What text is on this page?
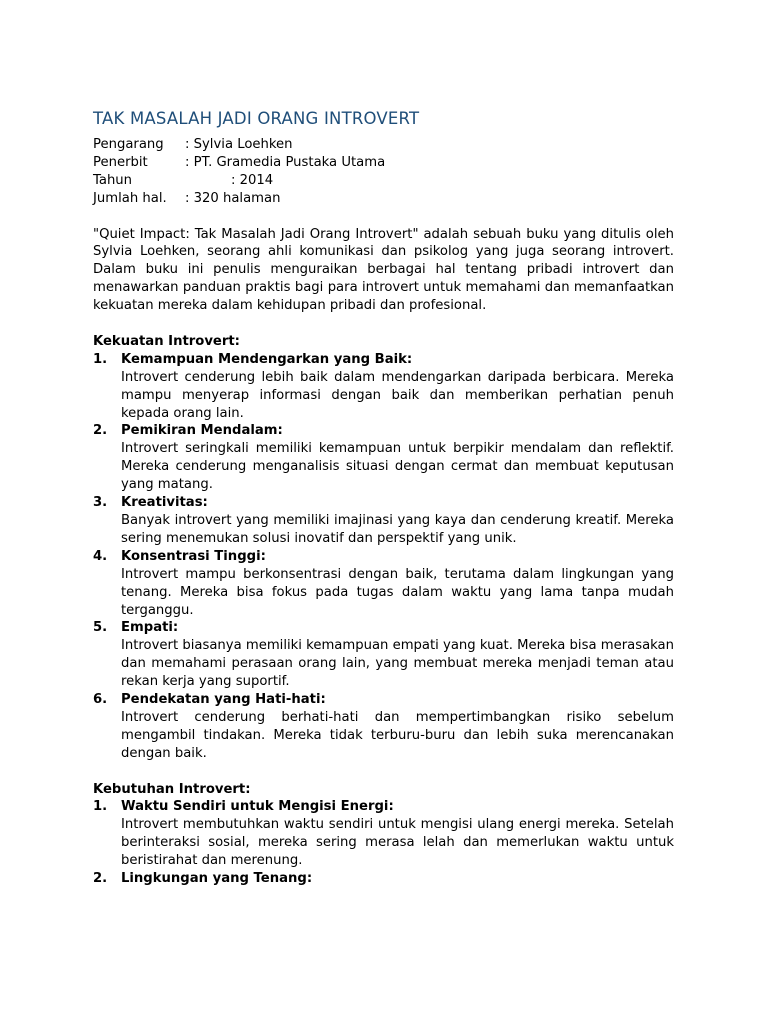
TAK MASALAH JADI ORANG INTROVERT
Pengarang : Sylvia Loehken
Penerbit	: PT. Gramedia Pustaka Utama
Tahun	: 2014
Jumlah hal. : 320 halaman

"Quiet Impact: Tak Masalah Jadi Orang Introvert" adalah sebuah buku yang ditulis oleh Sylvia Loehken, seorang ahli komunikasi dan psikolog yang juga seorang introvert. Dalam buku ini penulis menguraikan berbagai hal tentang pribadi introvert dan menawarkan panduan praktis bagi para introvert untuk memahami dan memanfaatkan kekuatan mereka dalam kehidupan pribadi dan profesional.

Kekuatan Introvert:

1. Kemampuan Mendengarkan yang Baik:
Introvert cenderung lebih baik dalam mendengarkan daripada berbicara. Mereka mampu menyerap informasi dengan baik dan memberikan perhatian penuh kepada orang lain.
2. Pemikiran Mendalam:
Introvert seringkali memiliki kemampuan untuk berpikir mendalam dan reflektif. Mereka cenderung menganalisis situasi dengan cermat dan membuat keputusan yang matang.
3. Kreativitas:
Banyak introvert yang memiliki imajinasi yang kaya dan cenderung kreatif. Mereka sering menemukan solusi inovatif dan perspektif yang unik.
4. Konsentrasi Tinggi:
Introvert mampu berkonsentrasi dengan baik, terutama dalam lingkungan yang tenang. Mereka bisa fokus pada tugas dalam waktu yang lama tanpa mudah terganggu.
5. Empati:
Introvert biasanya memiliki kemampuan empati yang kuat. Mereka bisa merasakan dan memahami perasaan orang lain, yang membuat mereka menjadi teman atau rekan kerja yang suportif.
6. Pendekatan yang Hati-hati:
Introvert cenderung berhati-hati dan mempertimbangkan risiko sebelum mengambil tindakan. Mereka tidak terburu-buru dan lebih suka merencanakan dengan baik.

Kebutuhan Introvert:

1. Waktu Sendiri untuk Mengisi Energi:
Introvert membutuhkan waktu sendiri untuk mengisi ulang energi mereka. Setelah berinteraksi sosial, mereka sering merasa lelah dan memerlukan waktu untuk beristirahat dan merenung.
2. Lingkungan yang Tenang:
